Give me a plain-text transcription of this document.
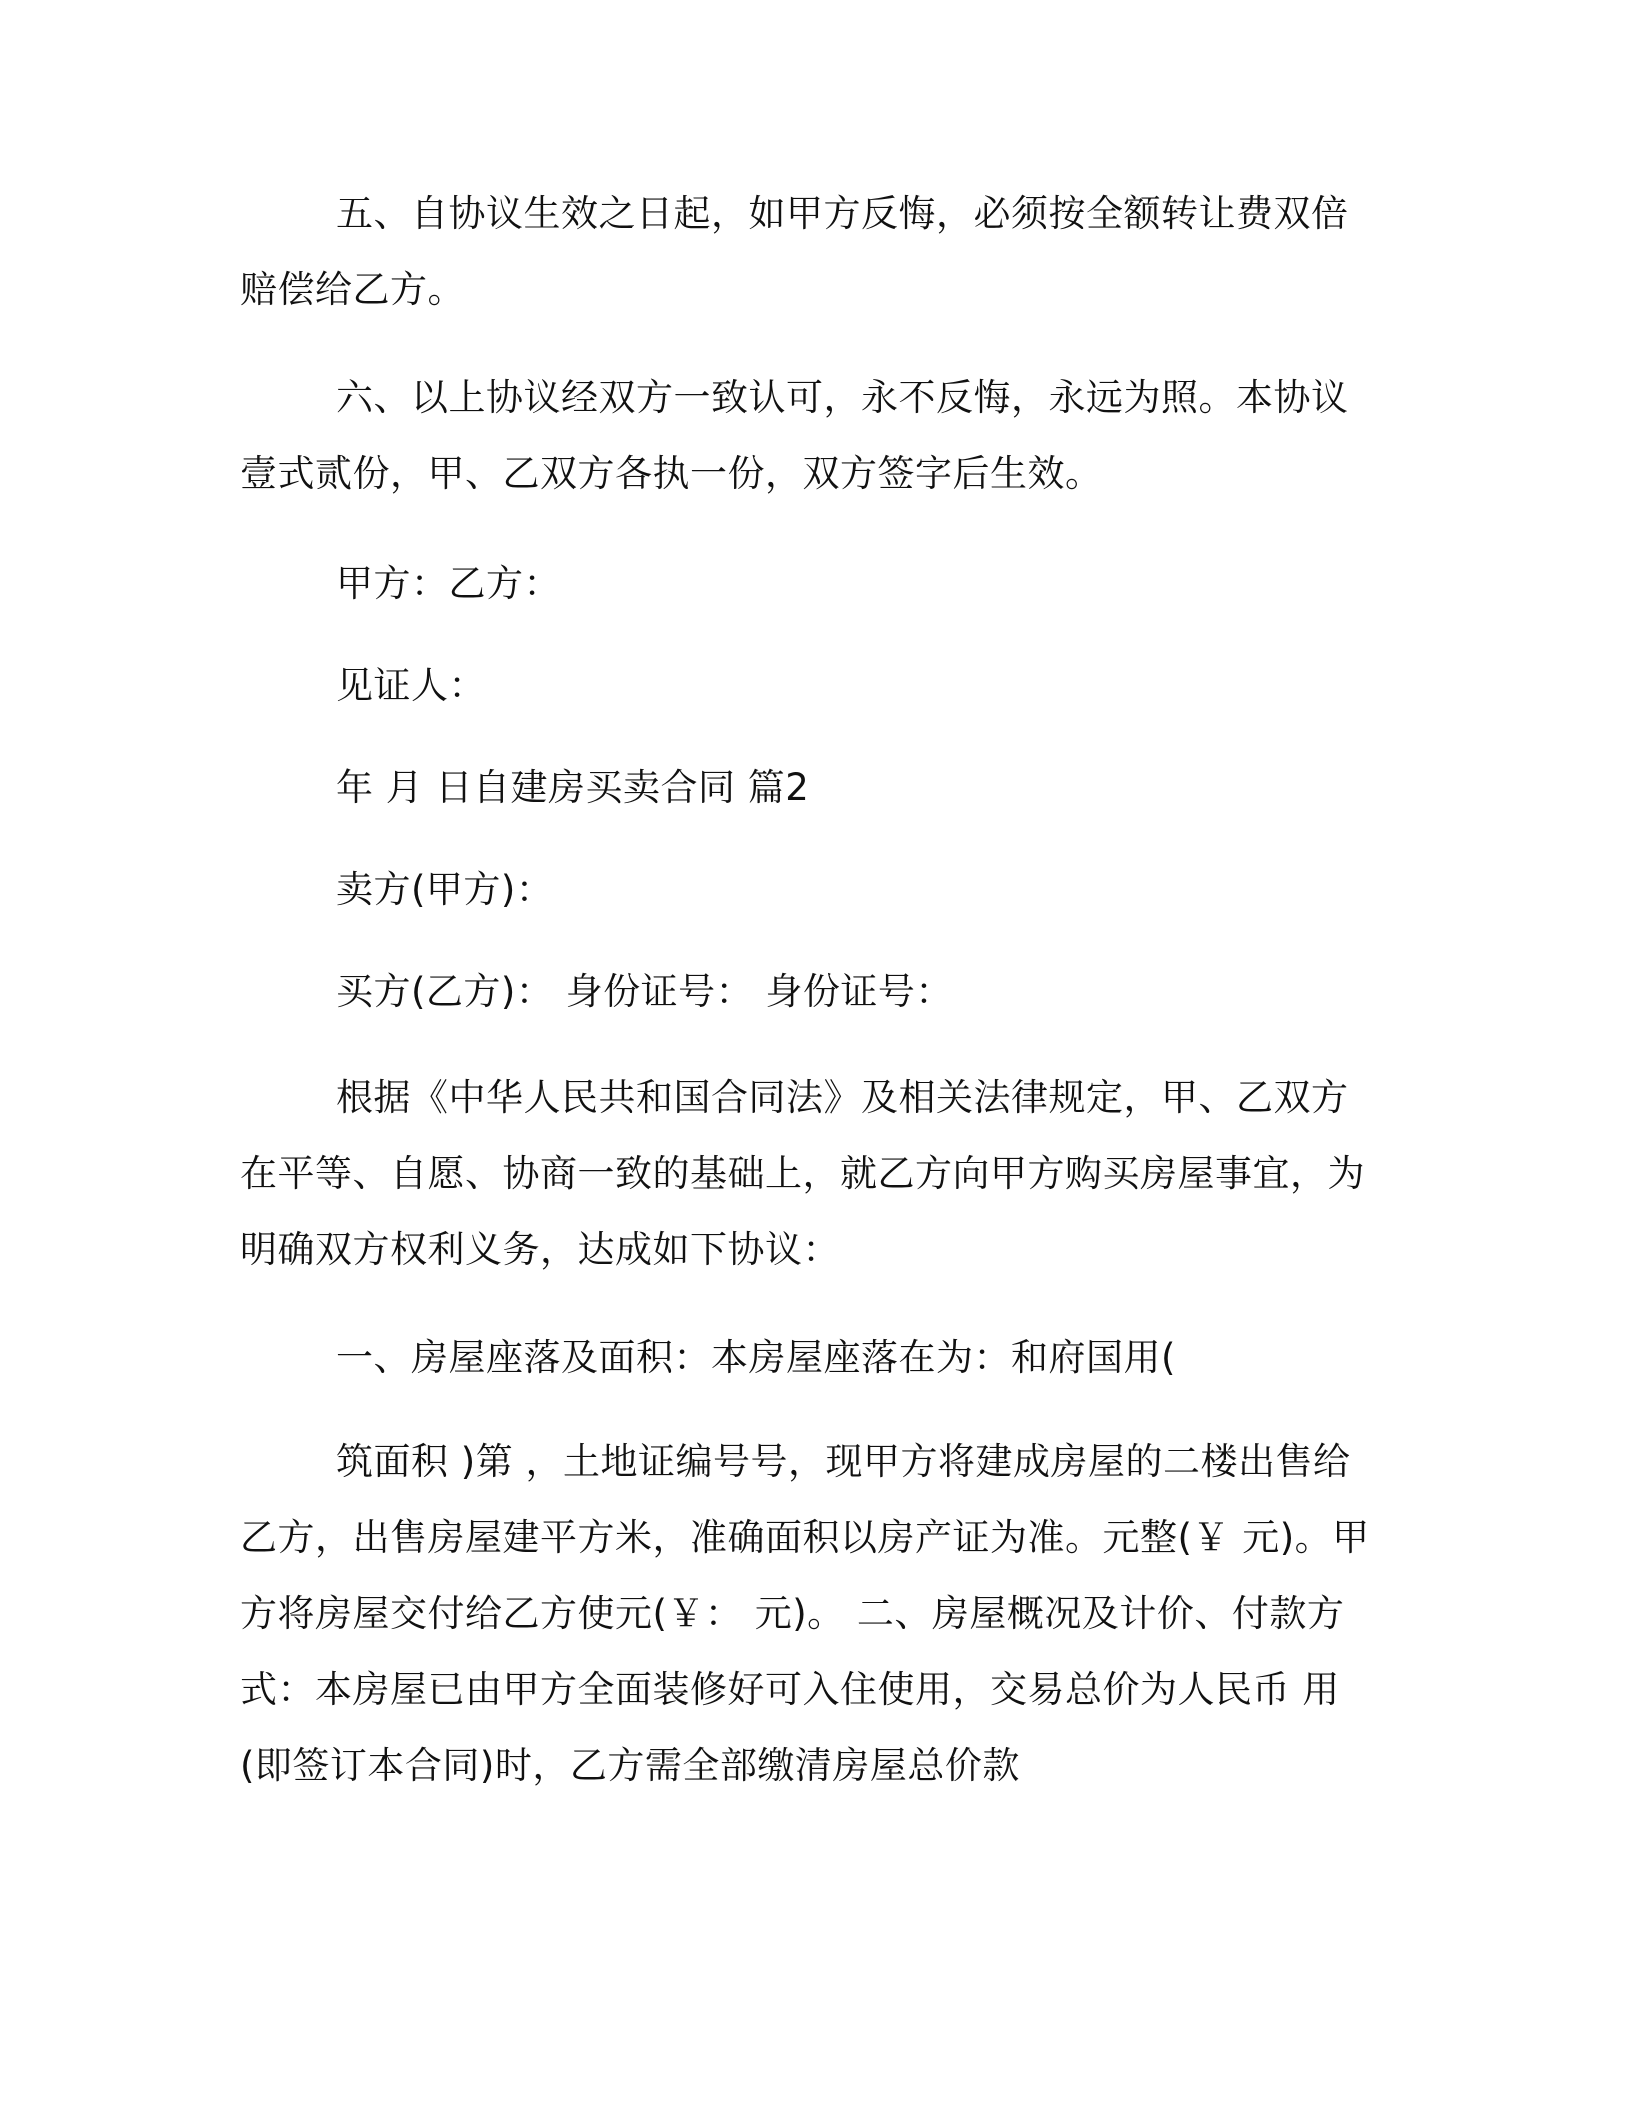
五、自协议生效之日起，如甲方反悔，必须按全额转让费双倍赔偿给乙方。

六、以上协议经双方一致认可，永不反悔，永远为照。本协议壹式贰份，甲、乙双方各执一份，双方签字后生效。

甲方：乙方：

见证人：

年 月 日自建房买卖合同 篇2

卖方(甲方)：

买方(乙方)： 身份证号： 身份证号：

根据《中华人民共和国合同法》及相关法律规定，甲、乙双方在平等、自愿、协商一致的基础上，就乙方向甲方购买房屋事宜，为明确双方权利义务，达成如下协议：

一、房屋座落及面积：本房屋座落在为：和府国用(

筑面积 )第 ，土地证编号号，现甲方将建成房屋的二楼出售给乙方，出售房屋建平方米，准确面积以房产证为准。元整(￥ 元)。甲方将房屋交付给乙方使元(￥： 元)。 二、房屋概况及计价、付款方式：本房屋已由甲方全面装修好可入住使用，交易总价为人民币 用(即签订本合同)时，乙方需全部缴清房屋总价款
